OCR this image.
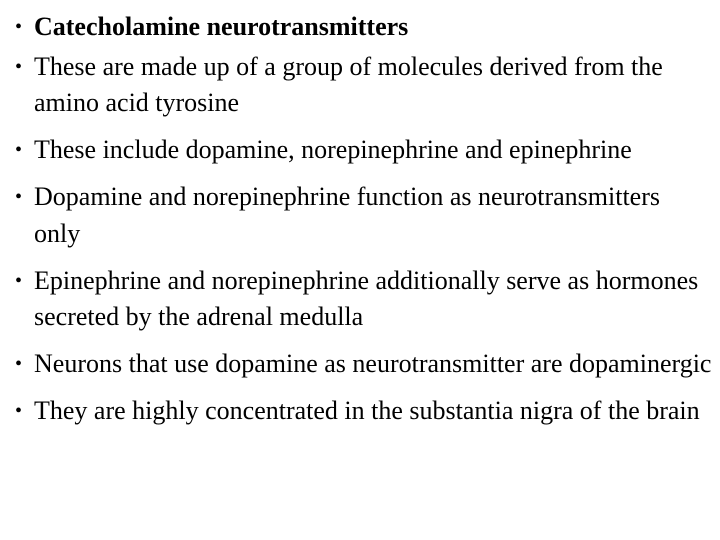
• Catecholamine neurotransmitters
• These are made up of a group of molecules derived from the amino acid tyrosine
• These include dopamine, norepinephrine and epinephrine
• Dopamine and norepinephrine function as neurotransmitters only
• Epinephrine and norepinephrine additionally serve as hormones secreted by the adrenal medulla
• Neurons that use dopamine as neurotransmitter are dopaminergic
• They are highly concentrated in the substantia nigra of the brain
